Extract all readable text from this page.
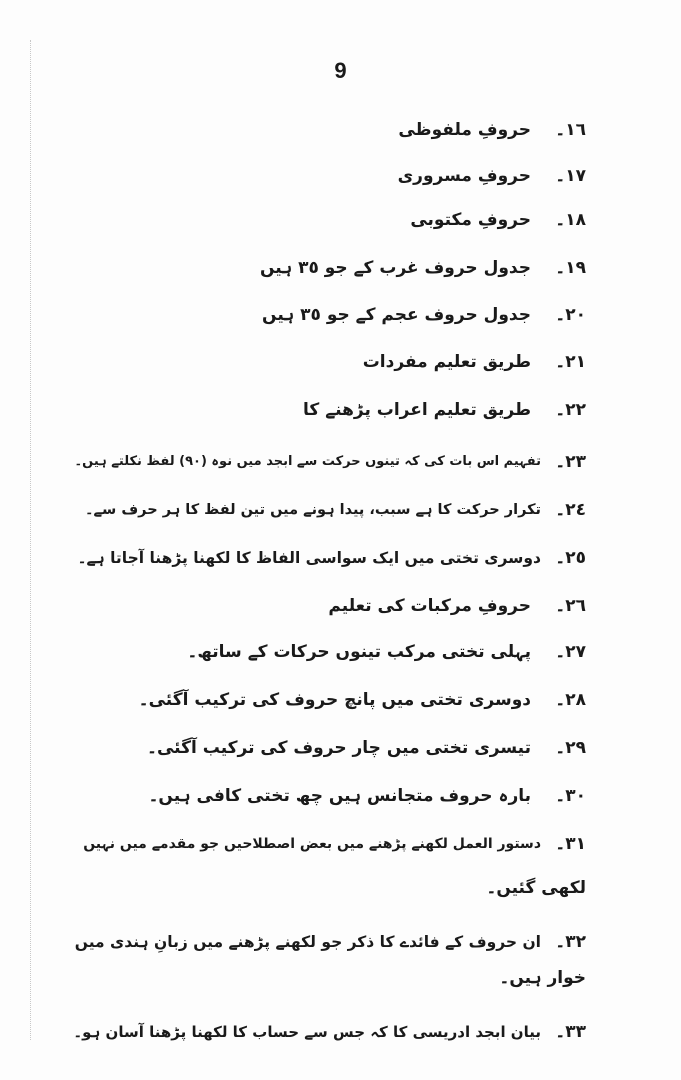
9
١٦۔
حروفِ ملفوظی
١٧۔
حروفِ مسروری
١٨۔
حروفِ مکتوبی
١٩۔
جدول حروف غرب کے جو ٣٥ ہیں
٢٠۔
جدول حروف عجم کے جو ٣٥ ہیں
٢١۔
طریق تعلیم مفردات
٢٢۔
طریق تعلیم اعراب پڑھنے کا
٢٣۔
تفہیم اس بات کی کہ تینوں حرکت سے ابجد میں نوہ (٩٠) لفظ نکلتے ہیں۔
٢٤۔
تکرار حرکت کا ہے سبب، پیدا ہونے میں تین لفظ کا ہر حرف سے۔
٢٥۔
دوسری تختی میں ایک سواسی الفاظ کا لکھنا پڑھنا آجاتا ہے۔
٢٦۔
حروفِ مرکبات کی تعلیم
٢٧۔
پہلی تختی مرکب تینوں حرکات کے ساتھ۔
٢٨۔
دوسری تختی میں پانچ حروف کی ترکیب آگئی۔
٢٩۔
تیسری تختی میں چار حروف کی ترکیب آگئی۔
٣٠۔
بارہ حروف متجانس ہیں چھ تختی کافی ہیں۔
٣١۔
دستور العمل لکھنے پڑھنے میں بعض اصطلاحیں جو مقدمے میں نہیں
لکھی گئیں۔
٣٢۔
ان حروف کے فائدے کا ذکر جو لکھنے پڑھنے میں زبانِ ہندی میں
خوار ہیں۔
٣٣۔
بیان ابجد ادریسی کا کہ جس سے حساب کا لکھنا پڑھنا آسان ہو۔
